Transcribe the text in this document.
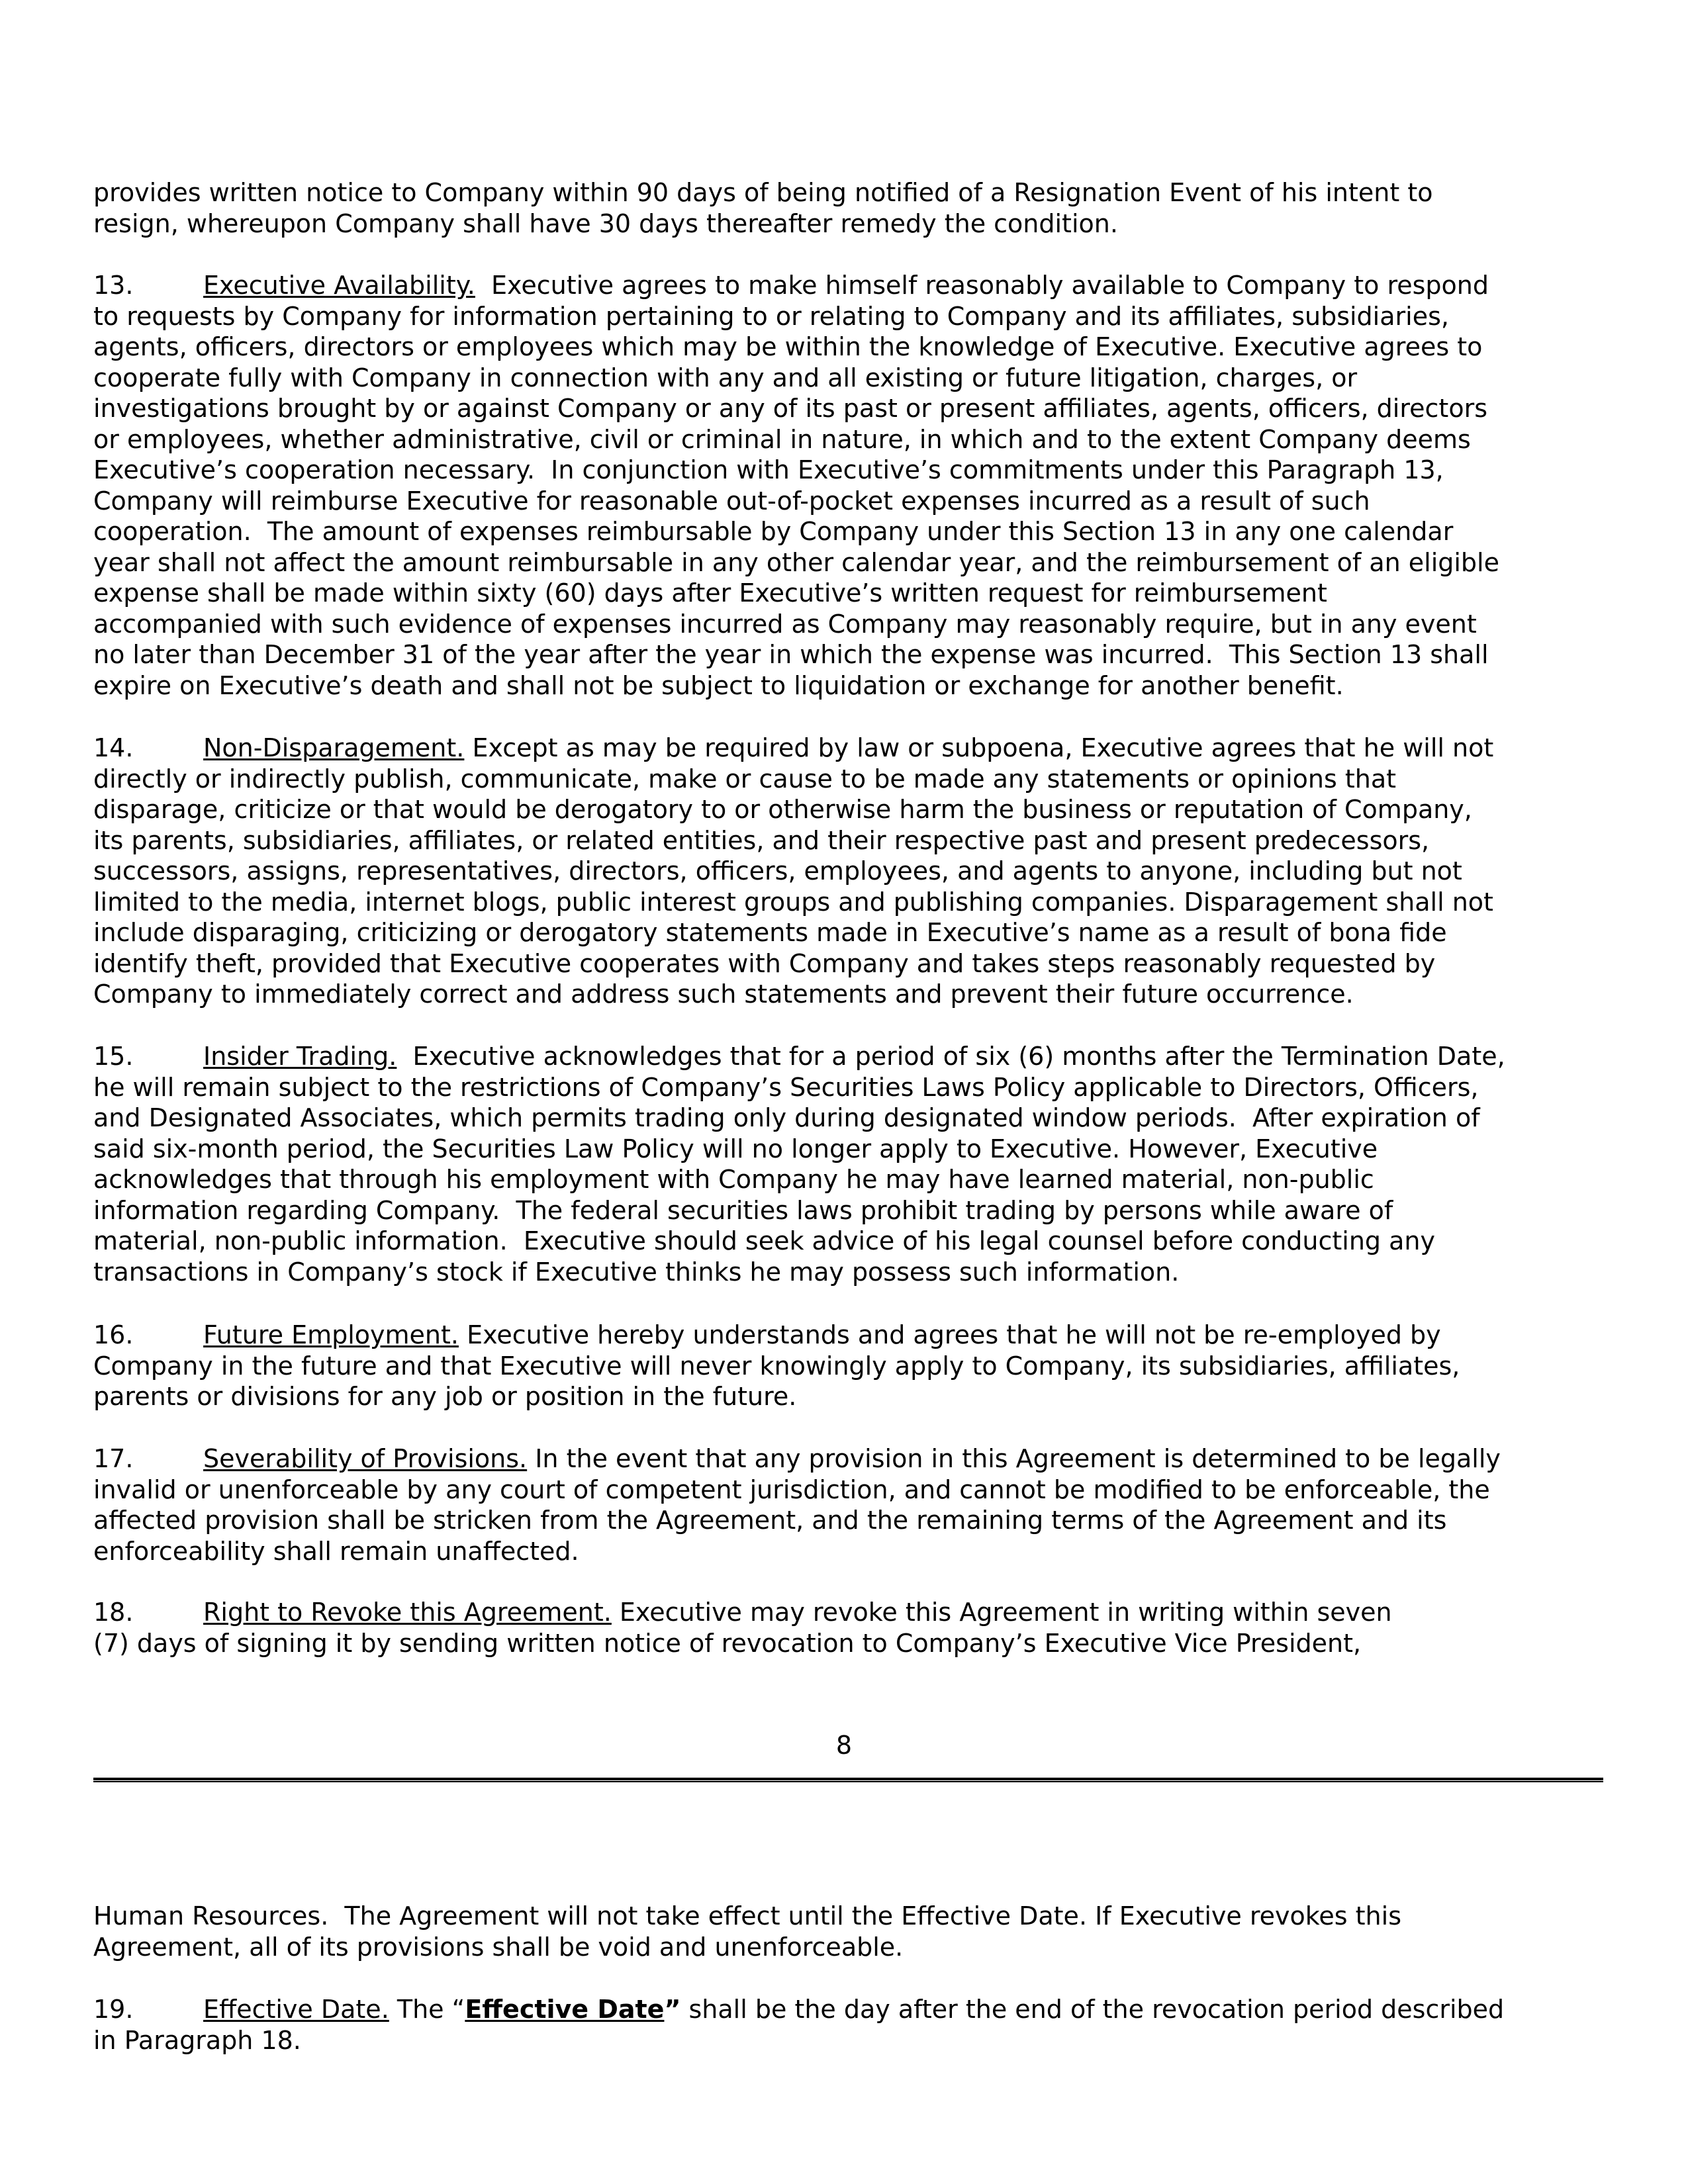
provides written notice to Company within 90 days of being notified of a Resignation Event of his intent to
resign, whereupon Company shall have 30 days thereafter remedy the condition.
13.	Executive Availability.  Executive agrees to make himself reasonably available to Company to respond
to requests by Company for information pertaining to or relating to Company and its affiliates, subsidiaries,
agents, officers, directors or employees which may be within the knowledge of Executive. Executive agrees to
cooperate fully with Company in connection with any and all existing or future litigation, charges, or
investigations brought by or against Company or any of its past or present affiliates, agents, officers, directors
or employees, whether administrative, civil or criminal in nature, in which and to the extent Company deems
Executive’s cooperation necessary.  In conjunction with Executive’s commitments under this Paragraph 13,
Company will reimburse Executive for reasonable out-of-pocket expenses incurred as a result of such
cooperation.  The amount of expenses reimbursable by Company under this Section 13 in any one calendar
year shall not affect the amount reimbursable in any other calendar year, and the reimbursement of an eligible
expense shall be made within sixty (60) days after Executive’s written request for reimbursement
accompanied with such evidence of expenses incurred as Company may reasonably require, but in any event
no later than December 31 of the year after the year in which the expense was incurred.  This Section 13 shall
expire on Executive’s death and shall not be subject to liquidation or exchange for another benefit.
14.	Non-Disparagement. Except as may be required by law or subpoena, Executive agrees that he will not
directly or indirectly publish, communicate, make or cause to be made any statements or opinions that
disparage, criticize or that would be derogatory to or otherwise harm the business or reputation of Company,
its parents, subsidiaries, affiliates, or related entities, and their respective past and present predecessors,
successors, assigns, representatives, directors, officers, employees, and agents to anyone, including but not
limited to the media, internet blogs, public interest groups and publishing companies. Disparagement shall not
include disparaging, criticizing or derogatory statements made in Executive’s name as a result of bona fide
identify theft, provided that Executive cooperates with Company and takes steps reasonably requested by
Company to immediately correct and address such statements and prevent their future occurrence.
15.	Insider Trading.  Executive acknowledges that for a period of six (6) months after the Termination Date,
he will remain subject to the restrictions of Company’s Securities Laws Policy applicable to Directors, Officers,
and Designated Associates, which permits trading only during designated window periods.  After expiration of
said six-month period, the Securities Law Policy will no longer apply to Executive. However, Executive
acknowledges that through his employment with Company he may have learned material, non-public
information regarding Company.  The federal securities laws prohibit trading by persons while aware of
material, non-public information.  Executive should seek advice of his legal counsel before conducting any
transactions in Company’s stock if Executive thinks he may possess such information.
16.	Future Employment. Executive hereby understands and agrees that he will not be re-employed by
Company in the future and that Executive will never knowingly apply to Company, its subsidiaries, affiliates,
parents or divisions for any job or position in the future.
17.	Severability of Provisions. In the event that any provision in this Agreement is determined to be legally
invalid or unenforceable by any court of competent jurisdiction, and cannot be modified to be enforceable, the
affected provision shall be stricken from the Agreement, and the remaining terms of the Agreement and its
enforceability shall remain unaffected.
18.	Right to Revoke this Agreement. Executive may revoke this Agreement in writing within seven
(7) days of signing it by sending written notice of revocation to Company’s Executive Vice President,
8
Human Resources.  The Agreement will not take effect until the Effective Date. If Executive revokes this
Agreement, all of its provisions shall be void and unenforceable.
19.	Effective Date. The “Effective Date” shall be the day after the end of the revocation period described
in Paragraph 18.
